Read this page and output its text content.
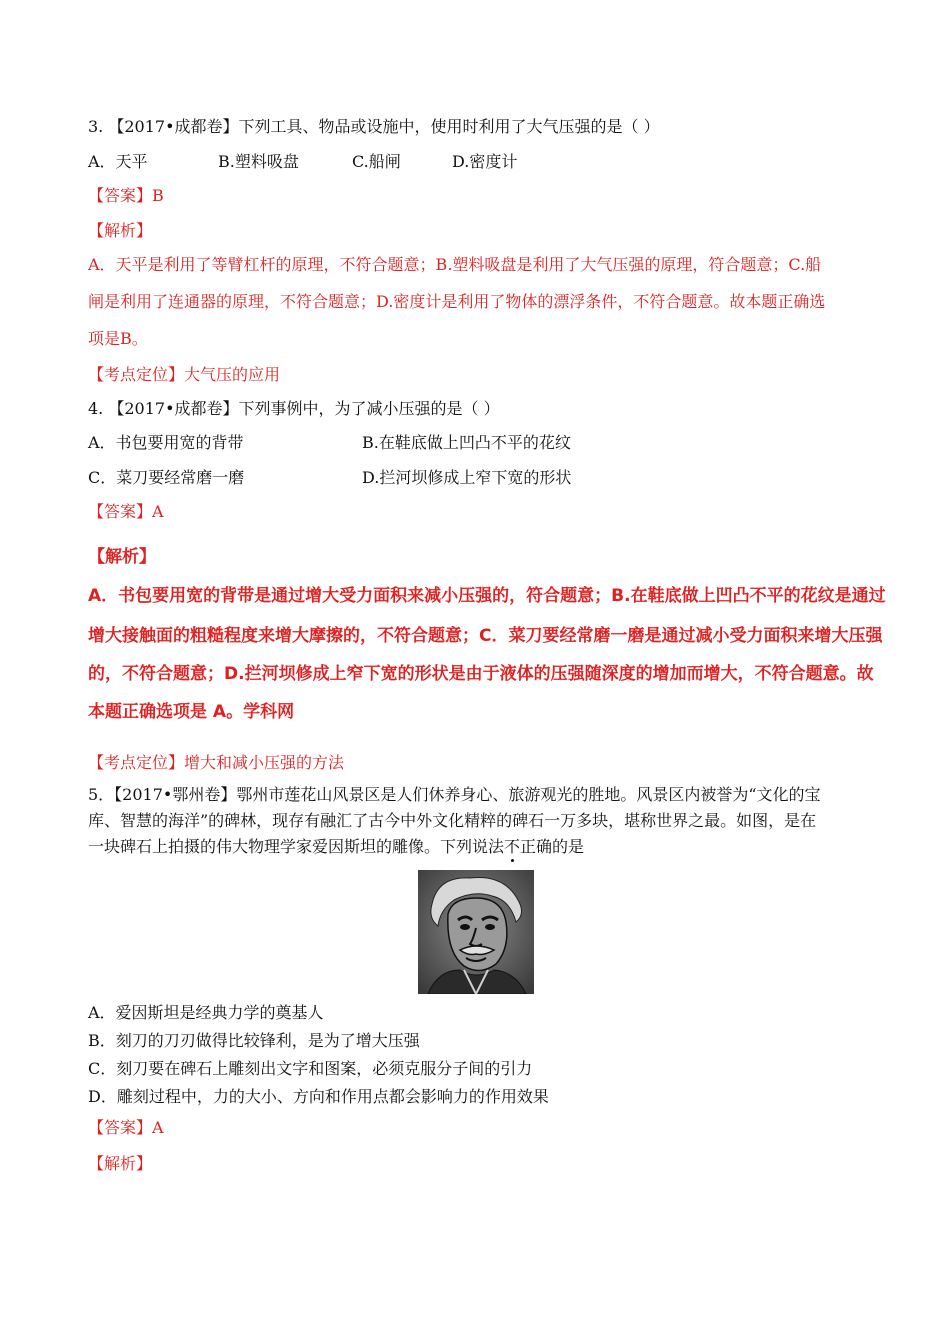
3. 【2017•成都卷】下列工具、物品或设施中，使用时利用了大气压强的是（ ）
A．天平	B.塑料吸盘	C.船闸	D.密度计
【答案】B
【解析】
A．天平是利用了等臂杠杆的原理，不符合题意；B.塑料吸盘是利用了大气压强的原理，符合题意；C.船
闸是利用了连通器的原理，不符合题意；D.密度计是利用了物体的漂浮条件，不符合题意。故本题正确选
项是B。
【考点定位】大气压的应用
4. 【2017•成都卷】下列事例中，为了减小压强的是（ ）
A．书包要用宽的背带	B.在鞋底做上凹凸不平的花纹
C．菜刀要经常磨一磨	D.拦河坝修成上窄下宽的形状
【答案】A
【解析】
A．书包要用宽的背带是通过增大受力面积来减小压强的，符合题意；B.在鞋底做上凹凸不平的花纹是通过
增大接触面的粗糙程度来增大摩擦的，不符合题意；C．菜刀要经常磨一磨是通过减小受力面积来增大压强
的，不符合题意；D.拦河坝修成上窄下宽的形状是由于液体的压强随深度的增加而增大，不符合题意。故
本题正确选项是 A。学科网
【考点定位】增大和减小压强的方法
5．【2017•鄂州卷】鄂州市莲花山风景区是人们休养身心、旅游观光的胜地。风景区内被誉为“文化的宝
库、智慧的海洋”的碑林，现存有融汇了古今中外文化精粹的碑石一万多块，堪称世界之最。如图，是在
一块碑石上拍摄的伟大物理学家爱因斯坦的雕像。下列说法不正确的是
A．爱因斯坦是经典力学的奠基人
B．刻刀的刀刃做得比较锋利，是为了增大压强
C．刻刀要在碑石上雕刻出文字和图案，必须克服分子间的引力
D．雕刻过程中，力的大小、方向和作用点都会影响力的作用效果
【答案】A
【解析】
